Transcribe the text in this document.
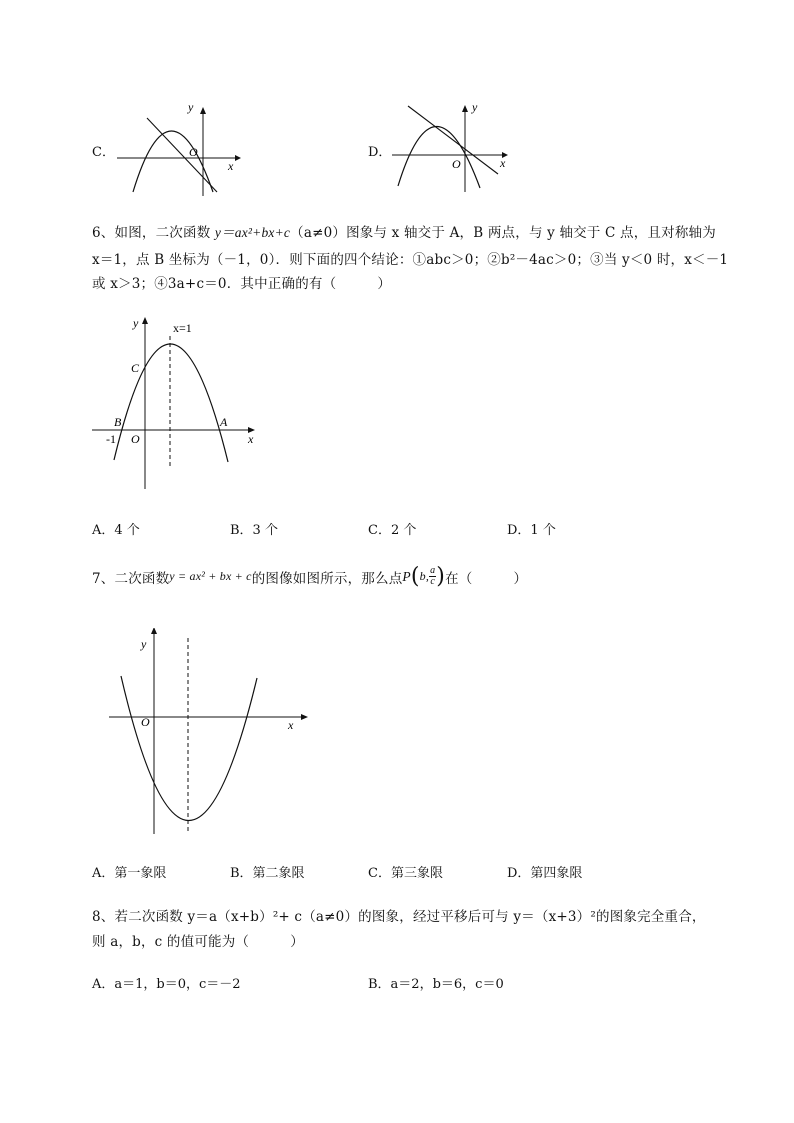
C．
y
x
O	D．
y
x
O
6、如图，二次函数 y＝ax²+bx+c（a≠0）图象与 x 轴交于 A，B 两点，与 y 轴交于 C 点，且对称轴为
x＝1，点 B 坐标为（－1，0）．则下面的四个结论：①abc＞0；②b²－4ac＞0；③当 y＜0 时，x＜－1
或 x＞3；④3a+c＝0．其中正确的有（　　　）
y	x=1
C
B	A
-1 O	x
A．4 个	B．3 个	C．2 个	D．1 个
7、二次函数 y = ax² + bx + c 的图像如图所示，那么点 P ( b, $\frac{a}{c}$ ) 在（　　　）
y
O	x
A．第一象限	B．第二象限	C．第三象限	D．第四象限
8、若二次函数 y＝a（x+b）²+ c（a≠0）的图象，经过平移后可与 y＝（x+3）²的图象完全重合，
则 a，b，c 的值可能为（　　　）
A．a＝1，b＝0，c＝－2	B．a＝2，b＝6，c＝0
